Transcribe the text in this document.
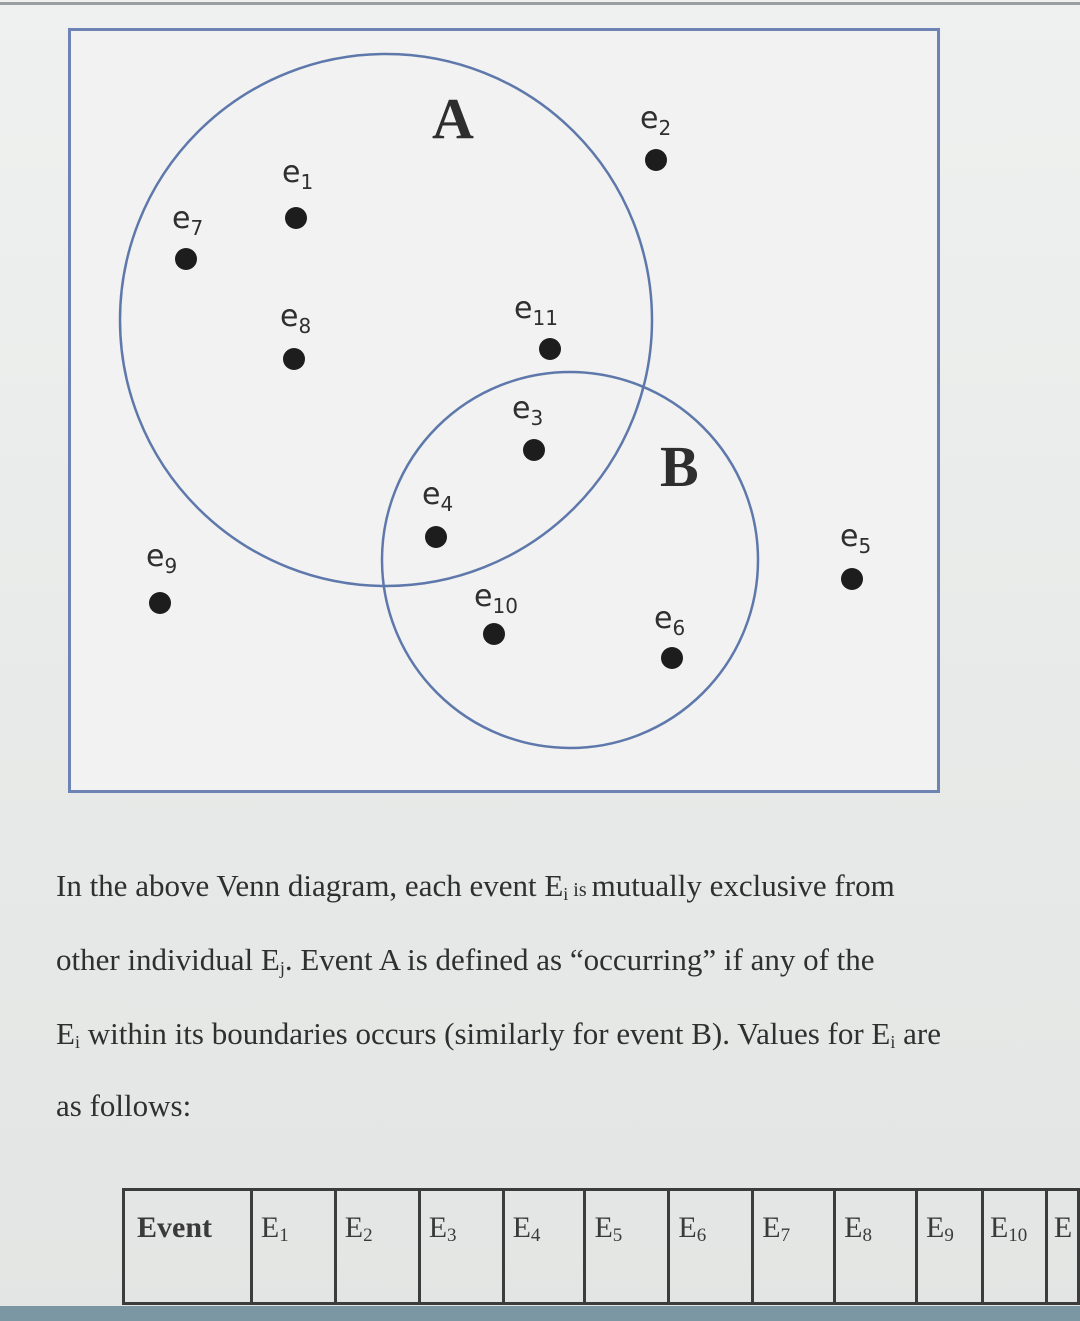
A
B
$e_1$
$e_2$
$e_3$
$e_4$
$e_5$
$e_6$
$e_7$
$e_8$
$e_9$
$e_{10}$
$e_{11}$
In the above Venn diagram, each event $E_i$ is mutually exclusive from
other individual $E_j$. Event A is defined as “occurring” if any of the
$E_i$ within its boundaries occurs (similarly for event B). Values for $E_i$ are
as follows:
Event	$E_1$	$E_2$	$E_3$	$E_4$	$E_5$	$E_6$	$E_7$	$E_8$	$E_9$	$E_{10}$	E
